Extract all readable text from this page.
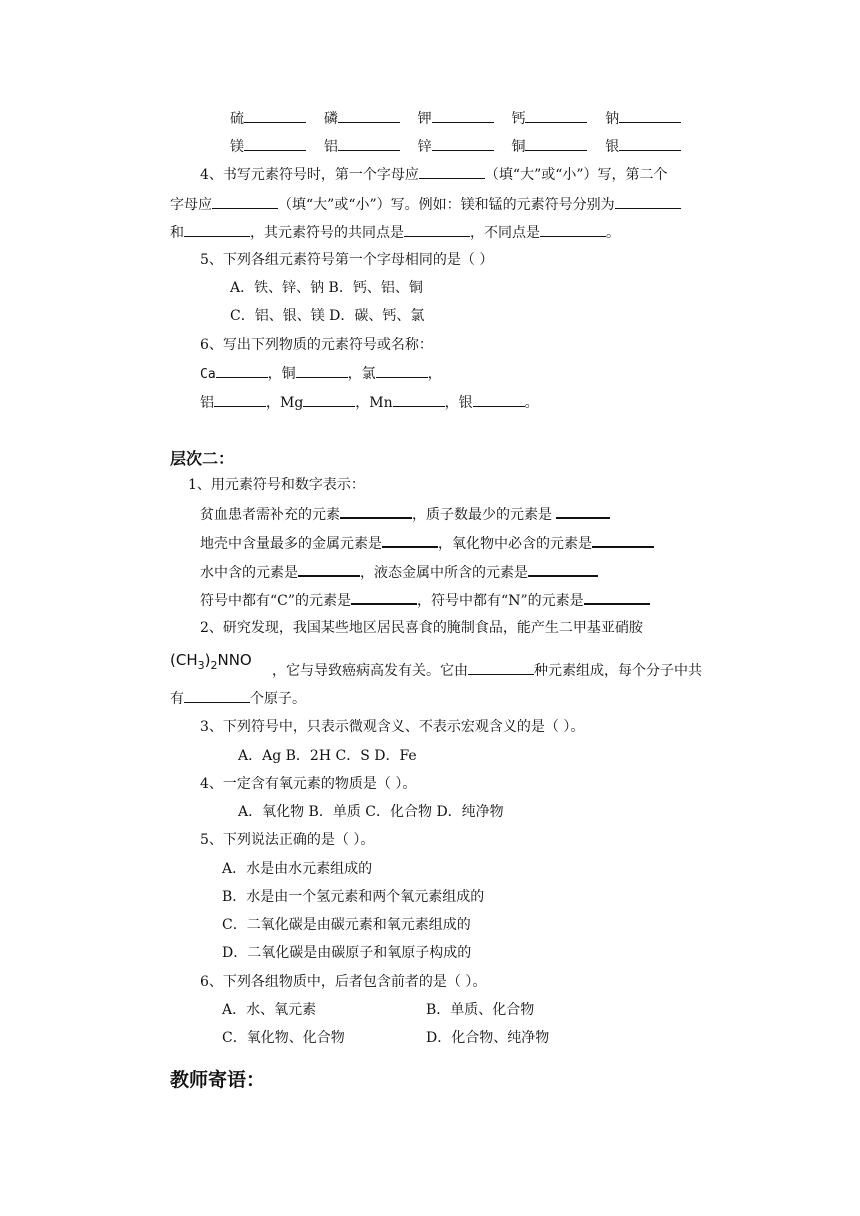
硫	磷	钾	钙	钠
镁	铝	锌	铜	银
4、书写元素符号时，第一个字母应	（填“大”或“小”）写，第二个
字母应	（填“大”或“小”）写。例如：镁和锰的元素符号分别为
和	，其元素符号的共同点是	，不同点是	。
5、下列各组元素符号第一个字母相同的是（ ）
A．铁、锌、钠 B．钙、铝、铜
C．铝、银、镁 D．碳、钙、氯
6、写出下列物质的元素符号或名称：
Ca	，铜	，氯	，
铝	，Mg	，Mn	，银	。
层次二：
1、用元素符号和数字表示：
贫血患者需补充的元素	，质子数最少的元素是
地壳中含量最多的金属元素是	，氧化物中必含的元素是
水中含的元素是	，液态金属中所含的元素是
符号中都有“C”的元素是	，符号中都有“N”的元素是
2、研究发现，我国某些地区居民喜食的腌制食品，能产生二甲基亚硝胺
$(CH_3)_2NNO$
，它与导致癌病高发有关。它由	种元素组成，每个分子中共
有	个原子。
3、下列符号中，只表示微观含义、不表示宏观含义的是（ ）。
A．Ag B．2H C．S D．Fe
4、一定含有氧元素的物质是（ ）。
A．氧化物 B．单质 C．化合物 D．纯净物
5、下列说法正确的是（ ）。
A．水是由水元素组成的
B．水是由一个氢元素和两个氧元素组成的
C．二氧化碳是由碳元素和氧元素组成的
D．二氧化碳是由碳原子和氧原子构成的
6、下列各组物质中，后者包含前者的是（ ）。
A．水、氧元素	B．单质、化合物
C．氧化物、化合物	D．化合物、纯净物
教师寄语：
